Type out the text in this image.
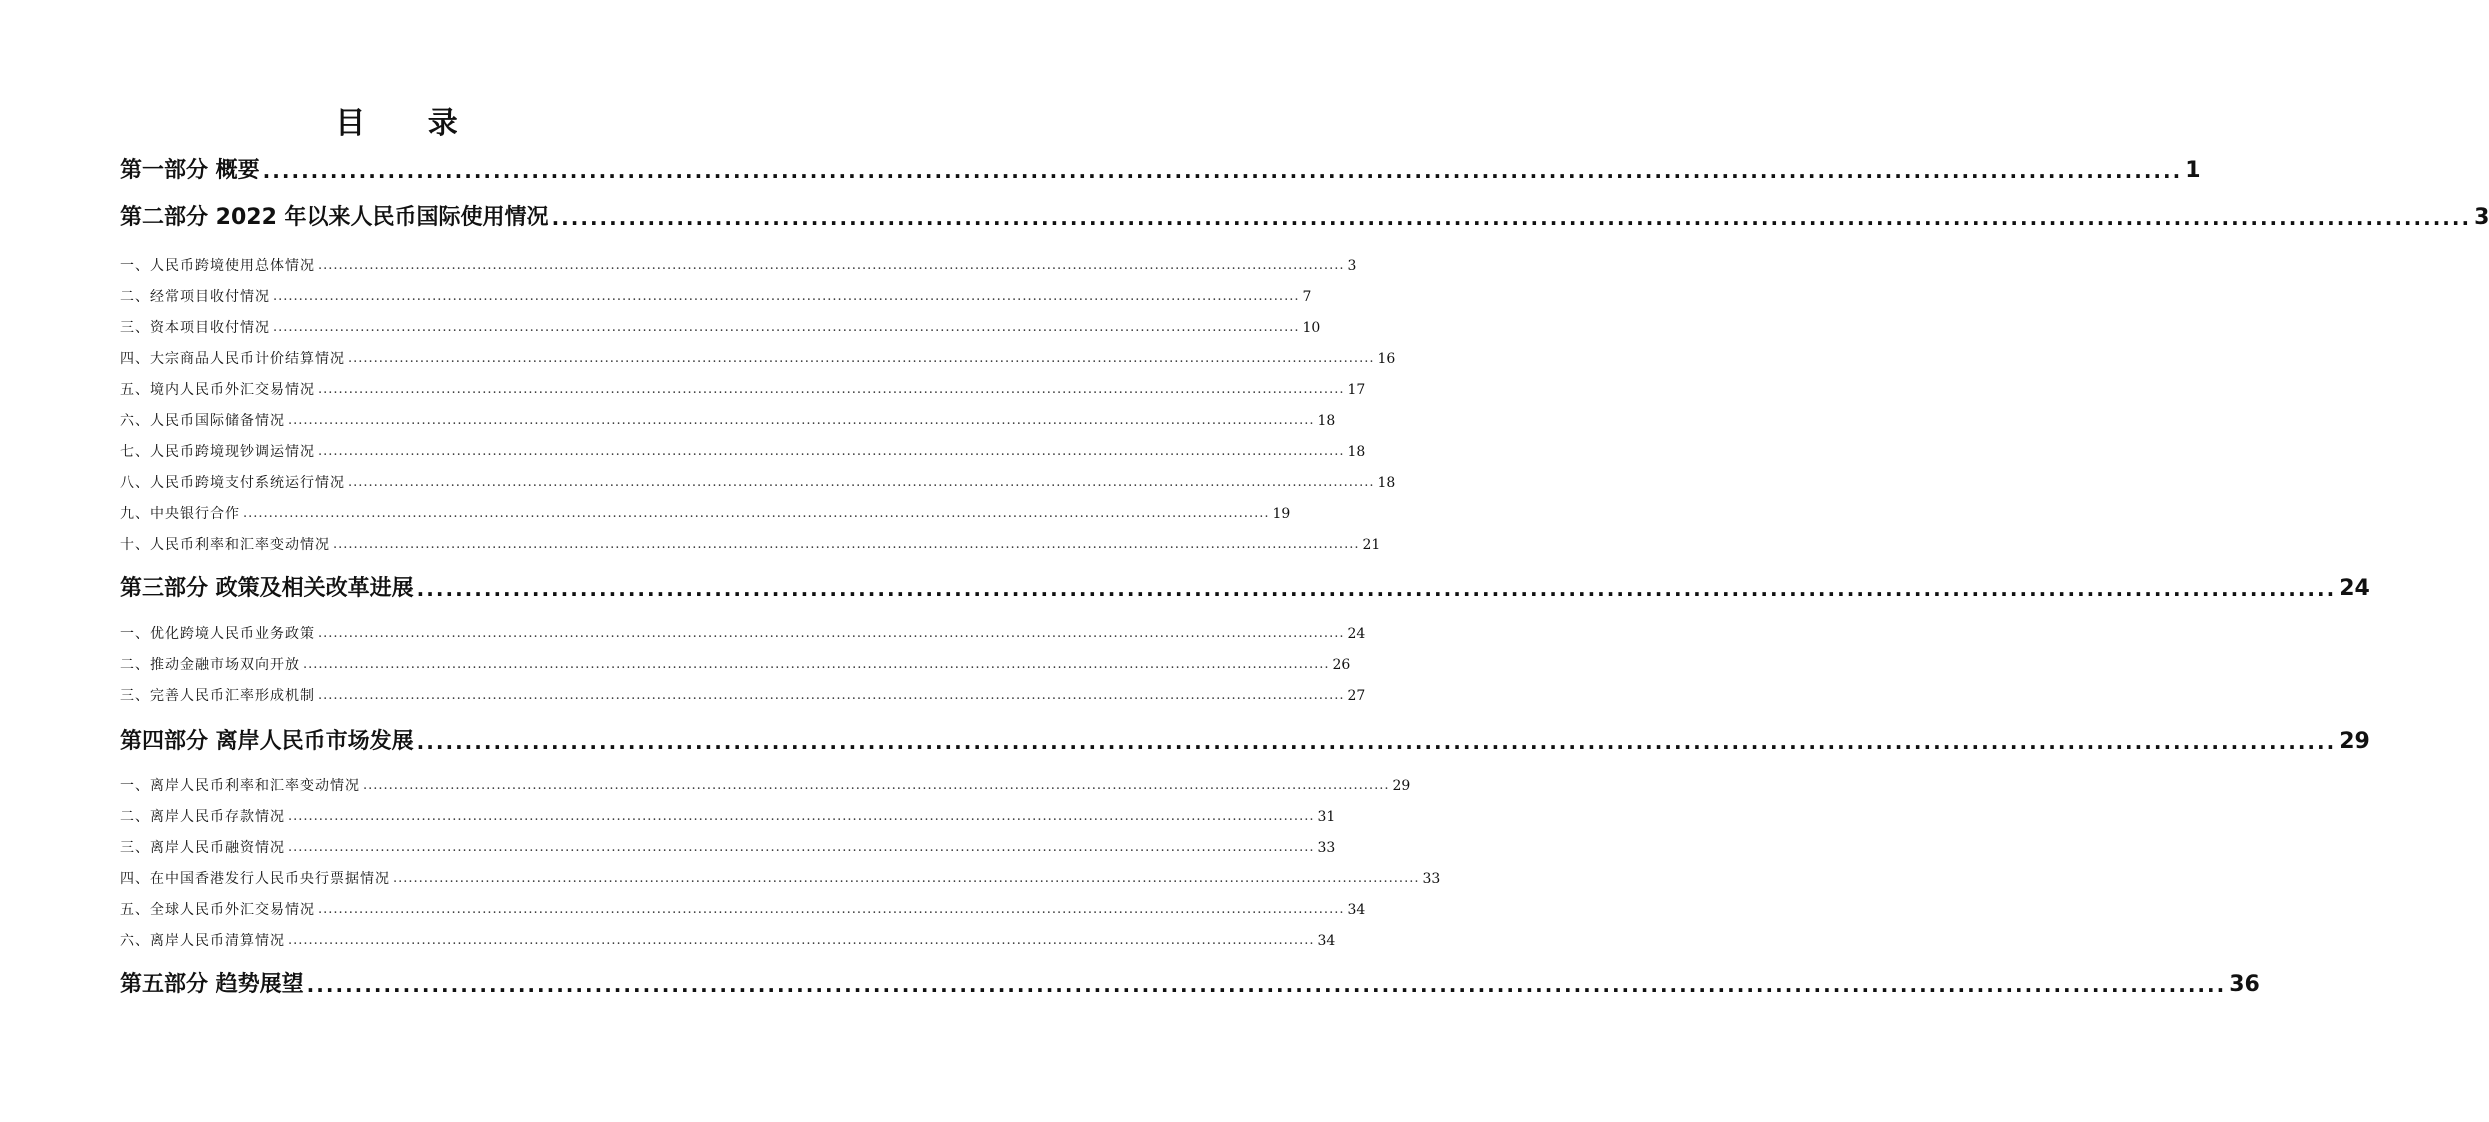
目 录
第一部分 概要 ........................................................................................................................................................................................................ 1
第二部分 2022 年以来人民币国际使用情况 ........................................................................................................................................................................................................ 3
一、人民币跨境使用总体情况 ........................................................................................................................................................................................................ 3
二、经常项目收付情况 ........................................................................................................................................................................................................ 7
三、资本项目收付情况 ........................................................................................................................................................................................................ 10
四、大宗商品人民币计价结算情况 ........................................................................................................................................................................................................ 16
五、境内人民币外汇交易情况 ........................................................................................................................................................................................................ 17
六、人民币国际储备情况 ........................................................................................................................................................................................................ 18
七、人民币跨境现钞调运情况 ........................................................................................................................................................................................................ 18
八、人民币跨境支付系统运行情况 ........................................................................................................................................................................................................ 18
九、中央银行合作 ........................................................................................................................................................................................................ 19
十、人民币利率和汇率变动情况 ........................................................................................................................................................................................................ 21
第三部分 政策及相关改革进展 ........................................................................................................................................................................................................ 24
一、优化跨境人民币业务政策 ........................................................................................................................................................................................................ 24
二、推动金融市场双向开放 ........................................................................................................................................................................................................ 26
三、完善人民币汇率形成机制 ........................................................................................................................................................................................................ 27
第四部分 离岸人民币市场发展 ........................................................................................................................................................................................................ 29
一、离岸人民币利率和汇率变动情况 ........................................................................................................................................................................................................ 29
二、离岸人民币存款情况 ........................................................................................................................................................................................................ 31
三、离岸人民币融资情况 ........................................................................................................................................................................................................ 33
四、在中国香港发行人民币央行票据情况 ........................................................................................................................................................................................................ 33
五、全球人民币外汇交易情况 ........................................................................................................................................................................................................ 34
六、离岸人民币清算情况 ........................................................................................................................................................................................................ 34
第五部分 趋势展望 ........................................................................................................................................................................................................ 36
